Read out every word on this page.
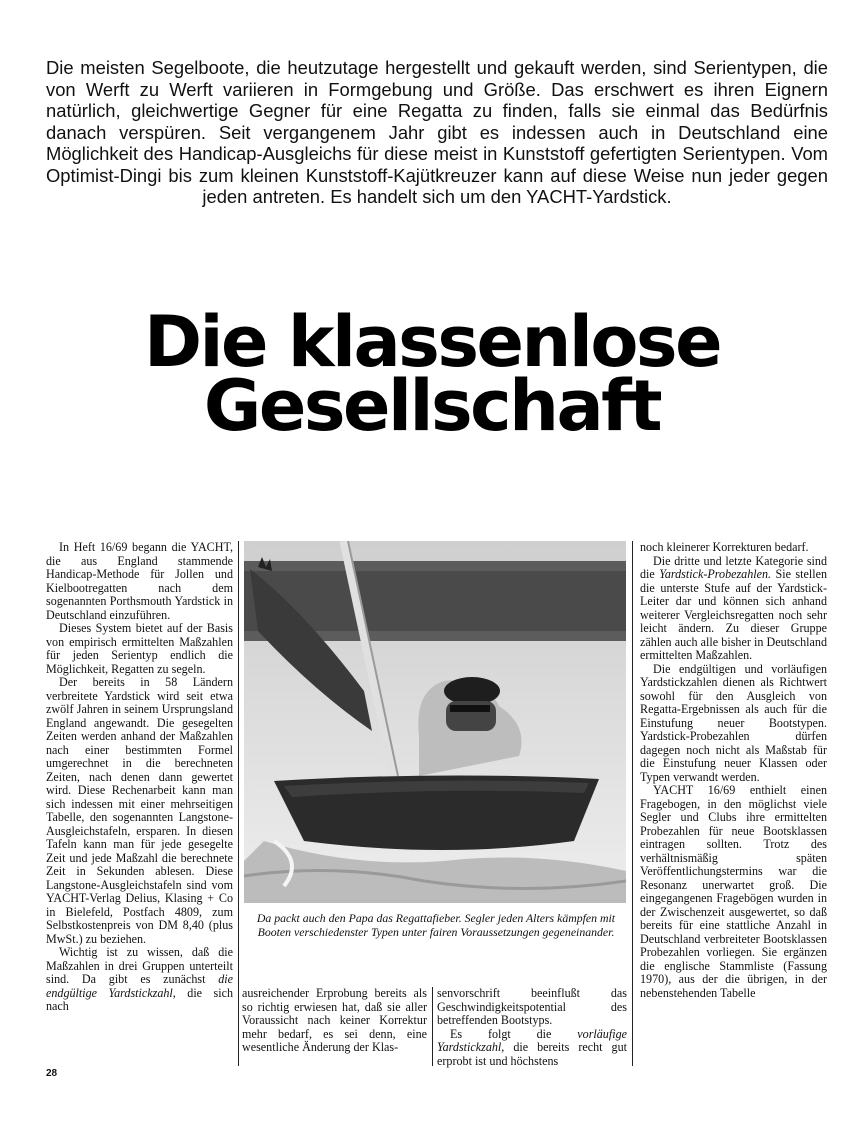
Die meisten Segelboote, die heutzutage hergestellt und gekauft werden, sind Serientypen, die von Werft zu Werft variieren in Formgebung und Größe. Das erschwert es ihren Eignern natürlich, gleichwertige Gegner für eine Regatta zu finden, falls sie einmal das Bedürfnis danach verspüren. Seit vergangenem Jahr gibt es indessen auch in Deutschland eine Möglichkeit des Handicap-Ausgleichs für diese meist in Kunststoff gefertigten Serientypen. Vom Optimist-Dingi bis zum kleinen Kunststoff-Kajütkreuzer kann auf diese Weise nun jeder gegen jeden antreten. Es handelt sich um den YACHT-Yardstick.

Die klassenlose
Gesellschaft

In Heft 16/69 begann die YACHT, die aus England stammende Handicap-Methode für Jollen und Kielbootregatten nach dem sogenannten Porthsmouth Yardstick in Deutschland einzuführen.

Dieses System bietet auf der Basis von empirisch ermittelten Maßzahlen für jeden Serientyp endlich die Möglichkeit, Regatten zu segeln.

Der bereits in 58 Ländern verbreitete Yardstick wird seit etwa zwölf Jahren in seinem Ursprungsland England angewandt. Die gesegelten Zeiten werden anhand der Maßzahlen nach einer bestimmten Formel umgerechnet in die berechneten Zeiten, nach denen dann gewertet wird. Diese Rechenarbeit kann man sich indessen mit einer mehrseitigen Tabelle, den sogenannten Langstone-Ausgleichstafeln, ersparen. In diesen Tafeln kann man für jede gesegelte Zeit und jede Maßzahl die berechnete Zeit in Sekunden ablesen. Diese Langstone-Ausgleichstafeln sind vom YACHT-Verlag Delius, Klasing + Co in Bielefeld, Postfach 4809, zum Selbstkostenpreis von DM 8,40 (plus MwSt.) zu beziehen.

Wichtig ist zu wissen, daß die Maßzahlen in drei Gruppen unterteilt sind. Da gibt es zunächst die endgültige Yardstickzahl, die sich nach

Da packt auch den Papa das Regattafieber. Segler jeden Alters kämpfen mit Booten verschiedenster Typen unter fairen Voraussetzungen gegeneinander.

ausreichender Erprobung bereits als so richtig erwiesen hat, daß sie aller Voraussicht nach keiner Korrektur mehr bedarf, es sei denn, eine wesentliche Änderung der Klas-

senvorschrift beeinflußt das Geschwindigkeitspotential des betreffenden Bootstyps.

Es folgt die vorläufige Yardstickzahl, die bereits recht gut erprobt ist und höchstens

noch kleinerer Korrekturen bedarf.

Die dritte und letzte Kategorie sind die Yardstick-Probezahlen. Sie stellen die unterste Stufe auf der Yardstick-Leiter dar und können sich anhand weiterer Vergleichsregatten noch sehr leicht ändern. Zu dieser Gruppe zählen auch alle bisher in Deutschland ermittelten Maßzahlen.

Die endgültigen und vorläufigen Yardstickzahlen dienen als Richtwert sowohl für den Ausgleich von Regatta-Ergebnissen als auch für die Einstufung neuer Bootstypen. Yardstick-Probezahlen dürfen dagegen noch nicht als Maßstab für die Einstufung neuer Klassen oder Typen verwandt werden.

YACHT 16/69 enthielt einen Fragebogen, in den möglichst viele Segler und Clubs ihre ermittelten Probezahlen für neue Bootsklassen eintragen sollten. Trotz des verhältnismäßig späten Veröffentlichungstermins war die Resonanz unerwartet groß. Die eingegangenen Fragebögen wurden in der Zwischenzeit ausgewertet, so daß bereits für eine stattliche Anzahl in Deutschland verbreiteter Bootsklassen Probezahlen vorliegen. Sie ergänzen die englische Stammliste (Fassung 1970), aus der die übrigen, in der nebenstehenden Tabelle

28
